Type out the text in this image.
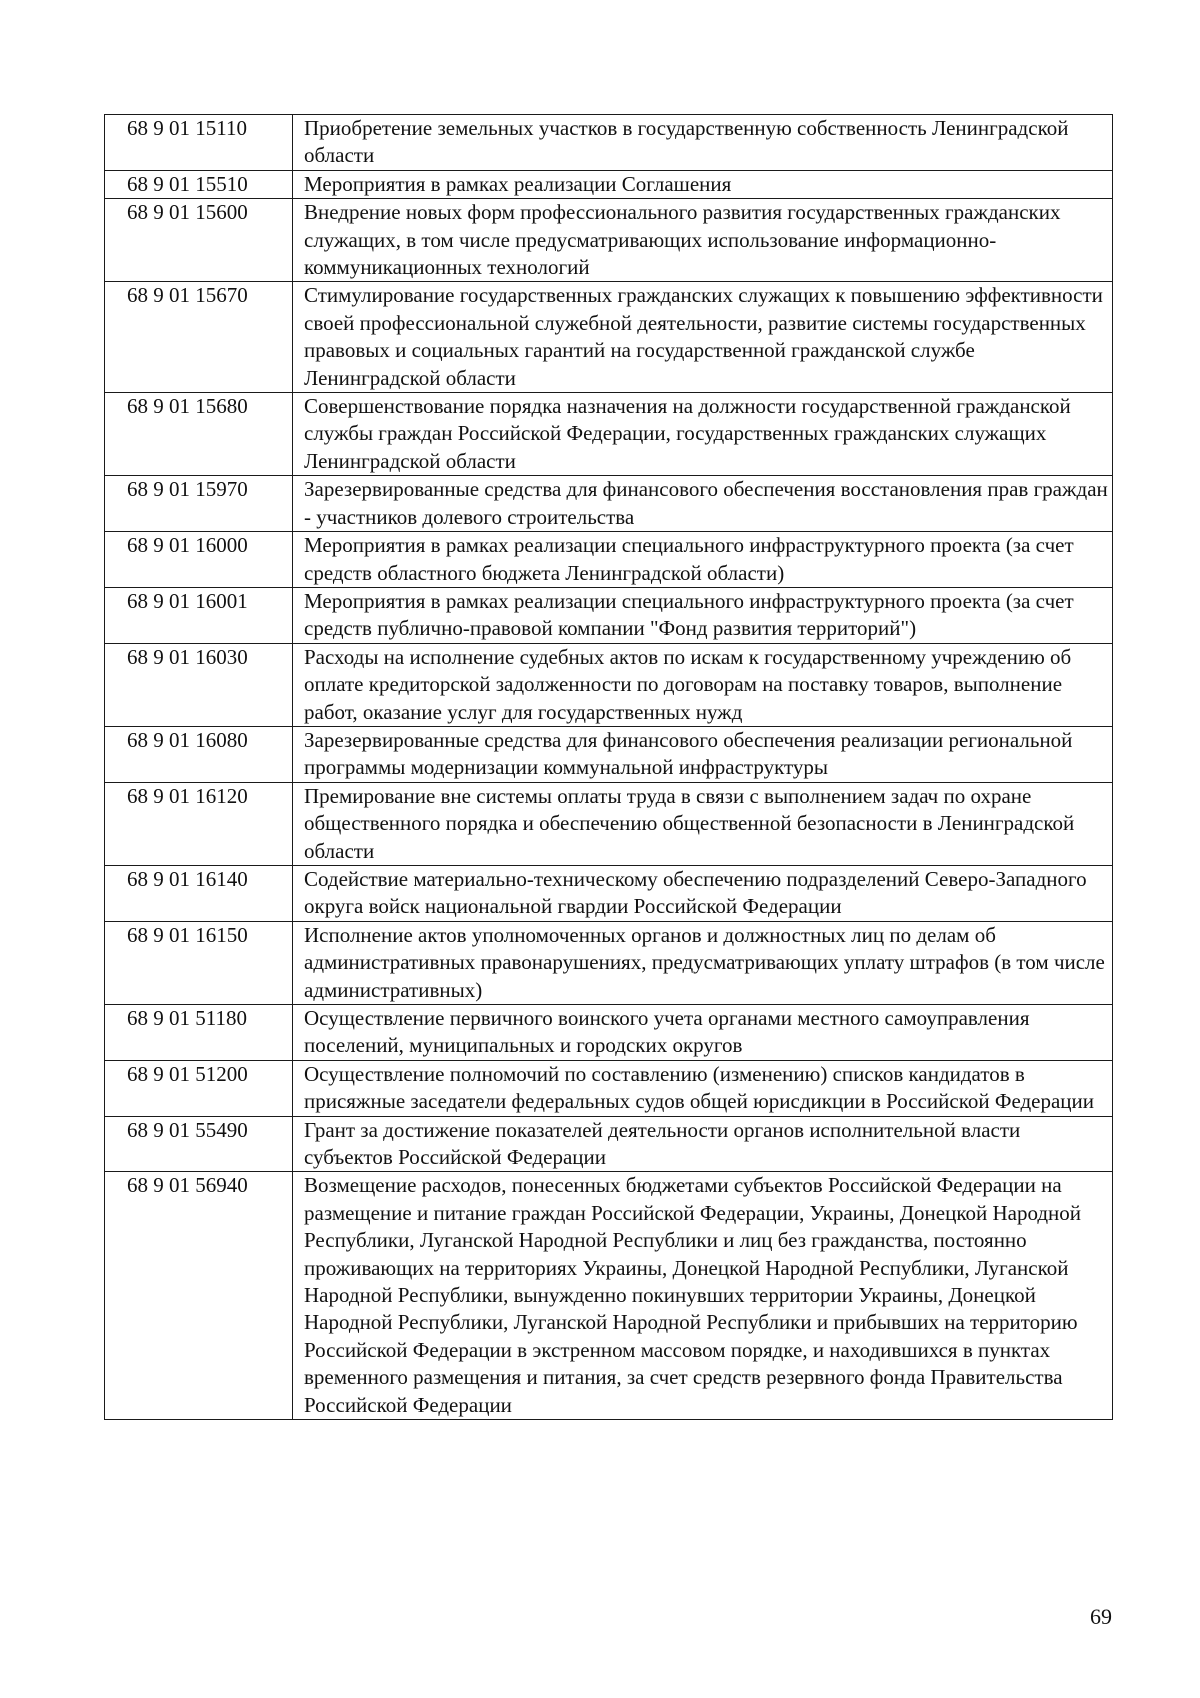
68 9 01 15110	Приобретение земельных участков в государственную собственность Ленинградской области
68 9 01 15510	Мероприятия в рамках реализации Соглашения
68 9 01 15600	Внедрение новых форм профессионального развития государственных гражданских служащих, в том числе предусматривающих использование информационно-коммуникационных технологий
68 9 01 15670	Стимулирование государственных гражданских служащих к повышению эффективности своей профессиональной служебной деятельности, развитие системы государственных правовых и социальных гарантий на государственной гражданской службе Ленинградской области
68 9 01 15680	Совершенствование порядка назначения на должности государственной гражданской службы граждан Российской Федерации, государственных гражданских служащих Ленинградской области
68 9 01 15970	Зарезервированные средства для финансового обеспечения восстановления прав граждан - участников долевого строительства
68 9 01 16000	Мероприятия в рамках реализации специального инфраструктурного проекта (за счет средств областного бюджета Ленинградской области)
68 9 01 16001	Мероприятия в рамках реализации специального инфраструктурного проекта (за счет средств публично-правовой компании "Фонд развития территорий")
68 9 01 16030	Расходы на исполнение судебных актов по искам к государственному учреждению об оплате кредиторской задолженности по договорам на поставку товаров, выполнение работ, оказание услуг для государственных нужд
68 9 01 16080	Зарезервированные средства для финансового обеспечения реализации региональной программы модернизации коммунальной инфраструктуры
68 9 01 16120	Премирование вне системы оплаты труда в связи с выполнением задач по охране общественного порядка и обеспечению общественной безопасности в Ленинградской области
68 9 01 16140	Содействие материально-техническому обеспечению подразделений Северо-Западного округа войск национальной гвардии Российской Федерации
68 9 01 16150	Исполнение актов уполномоченных органов и должностных лиц по делам об административных правонарушениях, предусматривающих уплату штрафов (в том числе административных)
68 9 01 51180	Осуществление первичного воинского учета органами местного самоуправления поселений, муниципальных и городских округов
68 9 01 51200	Осуществление полномочий по составлению (изменению) списков кандидатов в присяжные заседатели федеральных судов общей юрисдикции в Российской Федерации
68 9 01 55490	Грант за достижение показателей деятельности органов исполнительной власти субъектов Российской Федерации
68 9 01 56940	Возмещение расходов, понесенных бюджетами субъектов Российской Федерации на размещение и питание граждан Российской Федерации, Украины, Донецкой Народной Республики, Луганской Народной Республики и лиц без гражданства, постоянно проживающих на территориях Украины, Донецкой Народной Республики, Луганской Народной Республики, вынужденно покинувших территории Украины, Донецкой Народной Республики, Луганской Народной Республики и прибывших на территорию Российской Федерации в экстренном массовом порядке, и находившихся в пунктах временного размещения и питания, за счет средств резервного фонда Правительства Российской Федерации
69
